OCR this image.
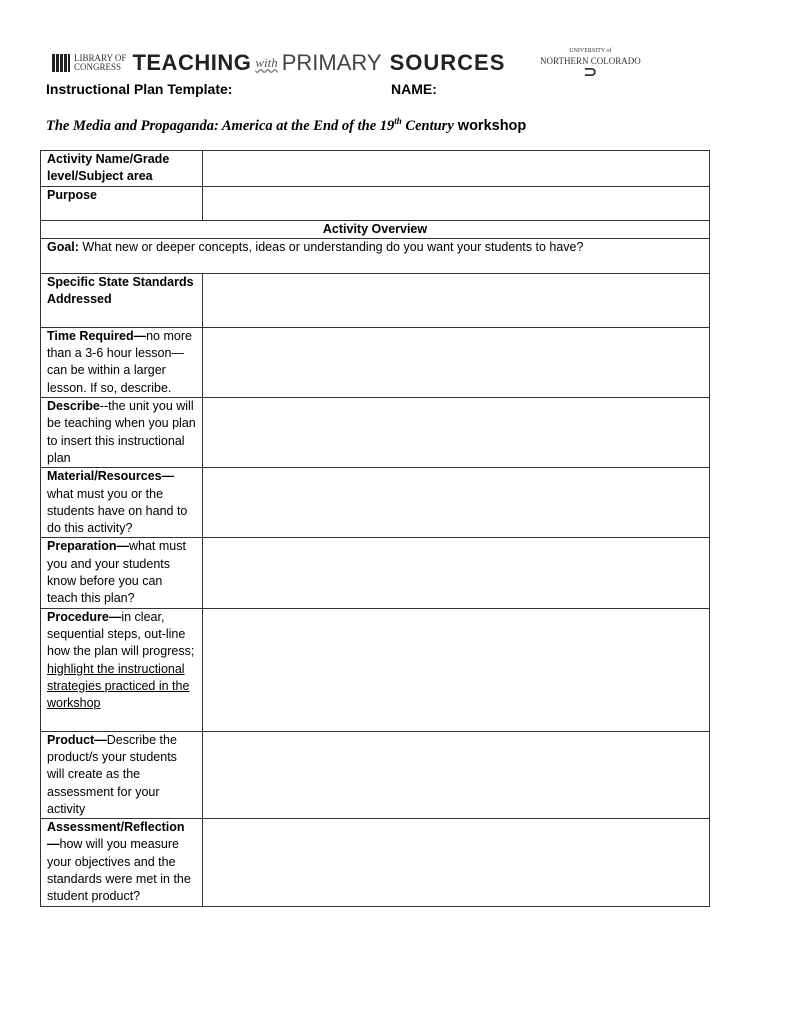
LIBRARY OF
CONGRESS TEACHING with PRIMARY SOURCES	UNIVERSITY of
NORTHERN COLORADO
⊃
Instructional Plan Template:	NAME:
The Media and Propaganda: America at the End of the 19th Century workshop
Activity Name/Grade level/Subject area	
Purpose	
Activity Overview	
Goal: What new or deeper concepts, ideas or understanding do you want your students to have?	
Specific State Standards Addressed	
Time Required—no more than a 3-6 hour lesson—can be within a larger lesson. If so, describe.	
Describe--the unit you will be teaching when you plan to insert this instructional plan	
Material/Resources—what must you or the students have on hand to do this activity?	
Preparation—what must you and your students know before you can teach this plan?	
Procedure—in clear, sequential steps, out-line how the plan will progress; highlight the instructional strategies practiced in the workshop	
Product—Describe the product/s your students will create as the assessment for your activity	
Assessment/Reflection—how will you measure your objectives and the standards were met in the student product?	
